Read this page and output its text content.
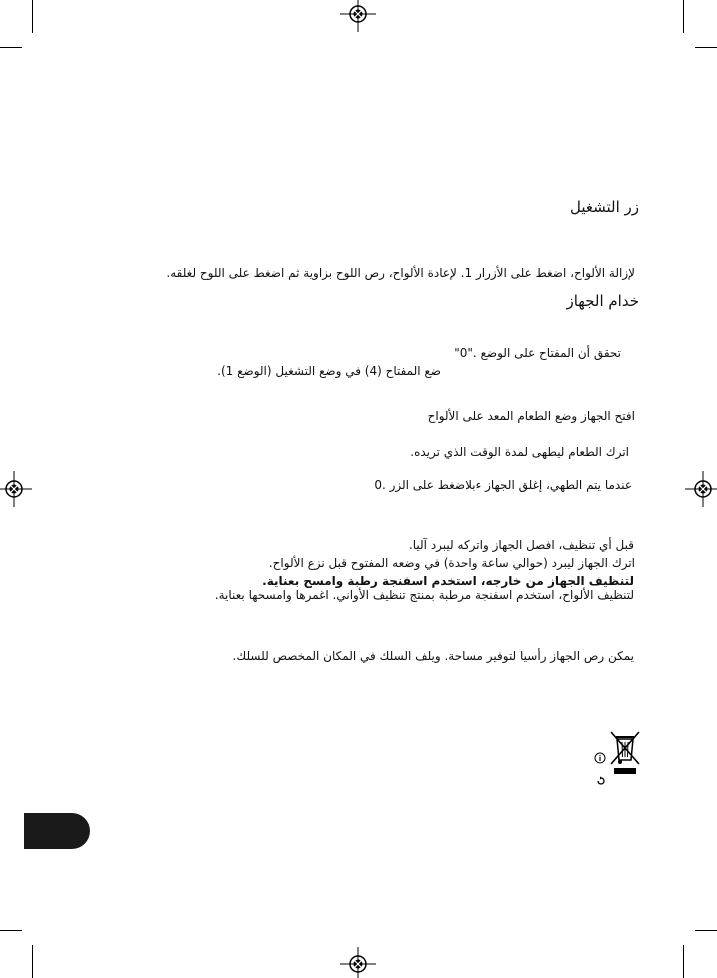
زر التشغيل
لإزالة الألواح، اضغط على الأزرار 1. لإعادة الألواح، رص اللوح بزاوية ثم اضغط على اللوح لغلقه.
خدام الجهاز
تحقق أن المفتاح على الوضع ."0"
ضع المفتاح (4) في وضع التشغيل (الوضع 1).
افتح الجهاز وضع الطعام المعد على الألواح
اترك الطعام ليطهى لمدة الوقت الذي تريده.
عندما يتم الطهي، إغلق الجهاز ءبلاضغط على الزر .0
قبل أي تنظيف، افصل الجهاز واتركه ليبرد آليا.
اترك الجهاز ليبرد (حوالي ساعة واحدة) في وضعه المفتوح قبل نزع الألواح.
لتنظيف الجهاز من خارجه، استخدم اسفنجة رطبة وامسح بعناية.
لتنظيف الألواح، استخدم اسفنجة مرطبة بمنتج تنظيف الأواني. اغمرها وامسحها بعناية.
يمكن رص الجهاز رأسيا لتوفير مساحة. ويلف السلك في المكان المخصص للسلك.
